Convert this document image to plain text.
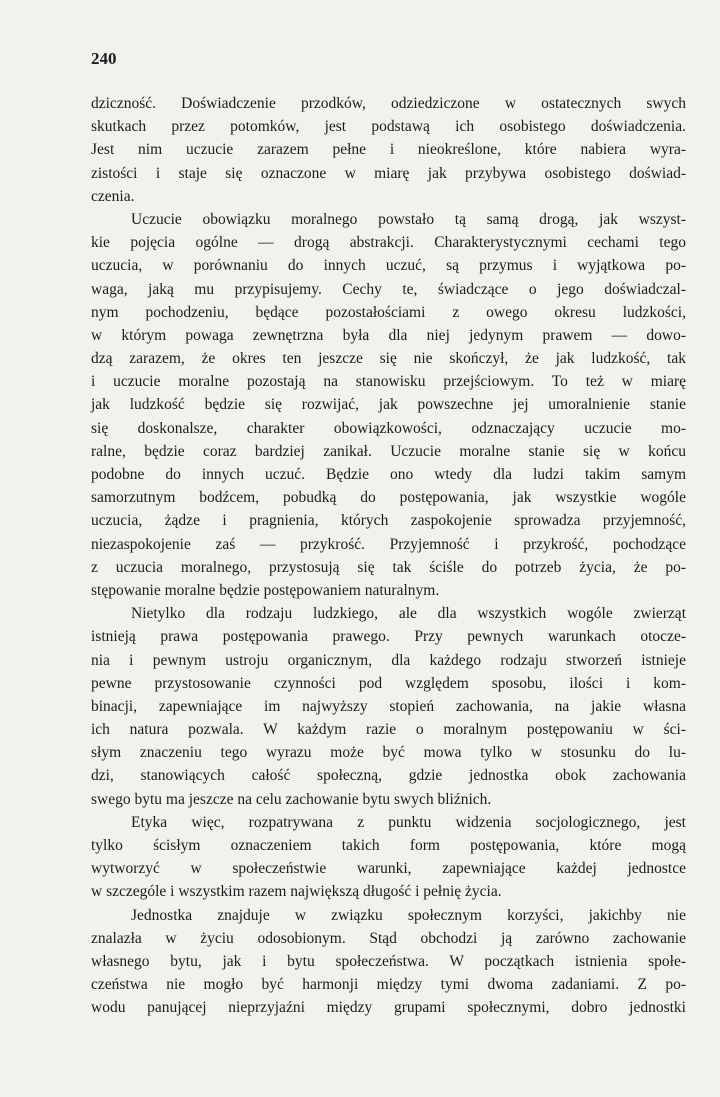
240

dziczność. Doświadczenie przodków, odziedziczone w ostatecznych swych
skutkach przez potomków, jest podstawą ich osobistego doświadczenia.
Jest nim uczucie zarazem pełne i nieokreślone, które nabiera wyra-
zistości i staje się oznaczone w miarę jak przybywa osobistego doświad-
czenia.
Uczucie obowiązku moralnego powstało tą samą drogą, jak wszyst-
kie pojęcia ogólne — drogą abstrakcji. Charakterystycznymi cechami tego
uczucia, w porównaniu do innych uczuć, są przymus i wyjątkowa po-
waga, jaką mu przypisujemy. Cechy te, świadczące o jego doświadczal-
nym pochodzeniu, będące pozostałościami z owego okresu ludzkości,
w którym powaga zewnętrzna była dla niej jedynym prawem — dowo-
dzą zarazem, że okres ten jeszcze się nie skończył, że jak ludzkość, tak
i uczucie moralne pozostają na stanowisku przejściowym. To też w miarę
jak ludzkość będzie się rozwijać, jak powszechne jej umoralnienie stanie
się doskonalsze, charakter obowiązkowości, odznaczający uczucie mo-
ralne, będzie coraz bardziej zanikał. Uczucie moralne stanie się w końcu
podobne do innych uczuć. Będzie ono wtedy dla ludzi takim samym
samorzutnym bodźcem, pobudką do postępowania, jak wszystkie wogóle
uczucia, żądze i pragnienia, których zaspokojenie sprowadza przyjemność,
niezaspokojenie zaś — przykrość. Przyjemność i przykrość, pochodzące
z uczucia moralnego, przystosują się tak ściśle do potrzeb życia, że po-
stępowanie moralne będzie postępowaniem naturalnym.
Nietylko dla rodzaju ludzkiego, ale dla wszystkich wogóle zwierząt
istnieją prawa postępowania prawego. Przy pewnych warunkach otocze-
nia i pewnym ustroju organicznym, dla każdego rodzaju stworzeń istnieje
pewne przystosowanie czynności pod względem sposobu, ilości i kom-
binacji, zapewniające im najwyższy stopień zachowania, na jakie własna
ich natura pozwala. W każdym razie o moralnym postępowaniu w ści-
słym znaczeniu tego wyrazu może być mowa tylko w stosunku do lu-
dzi, stanowiących całość społeczną, gdzie jednostka obok zachowania
swego bytu ma jeszcze na celu zachowanie bytu swych bliźnich.
Etyka więc, rozpatrywana z punktu widzenia socjologicznego, jest
tylko ścisłym oznaczeniem takich form postępowania, które mogą
wytworzyć w społeczeństwie warunki, zapewniające każdej jednostce
w szczególe i wszystkim razem największą długość i pełnię życia.
Jednostka znajduje w związku społecznym korzyści, jakichby nie
znalazła w życiu odosobionym. Stąd obchodzi ją zarówno zachowanie
własnego bytu, jak i bytu społeczeństwa. W początkach istnienia społe-
czeństwa nie mogło być harmonji między tymi dwoma zadaniami. Z po-
wodu panującej nieprzyjaźni między grupami społecznymi, dobro jednostki
